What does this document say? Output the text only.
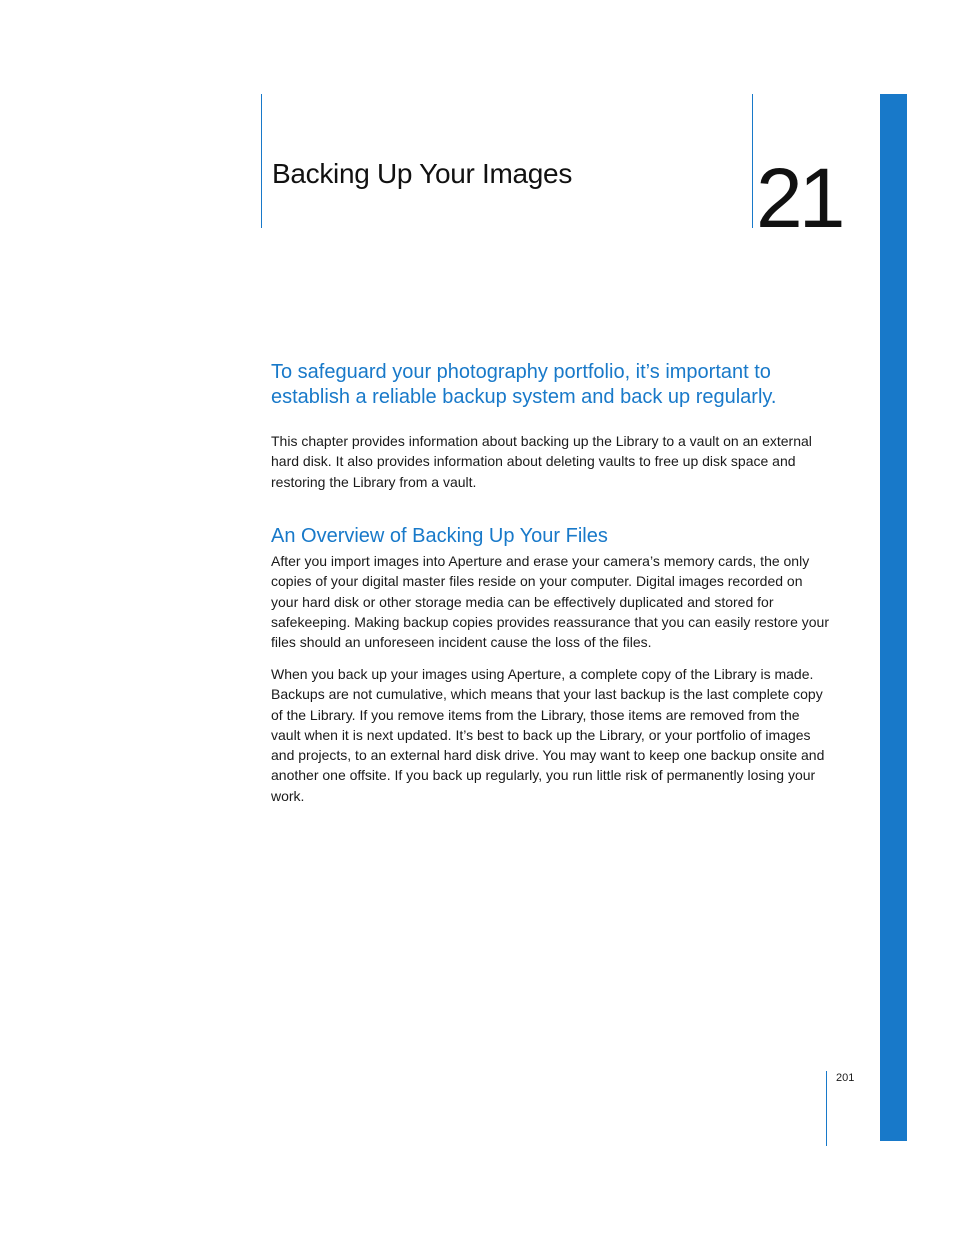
Backing Up Your Images 21

To safeguard your photography portfolio, it’s important to establish a reliable backup system and back up regularly.

This chapter provides information about backing up the Library to a vault on an external hard disk. It also provides information about deleting vaults to free up disk space and restoring the Library from a vault.

An Overview of Backing Up Your Files

After you import images into Aperture and erase your camera’s memory cards, the only copies of your digital master files reside on your computer. Digital images recorded on your hard disk or other storage media can be effectively duplicated and stored for safekeeping. Making backup copies provides reassurance that you can easily restore your files should an unforeseen incident cause the loss of the files.

When you back up your images using Aperture, a complete copy of the Library is made. Backups are not cumulative, which means that your last backup is the last complete copy of the Library. If you remove items from the Library, those items are removed from the vault when it is next updated. It’s best to back up the Library, or your portfolio of images and projects, to an external hard disk drive. You may want to keep one backup onsite and another one offsite. If you back up regularly, you run little risk of permanently losing your work.

201
